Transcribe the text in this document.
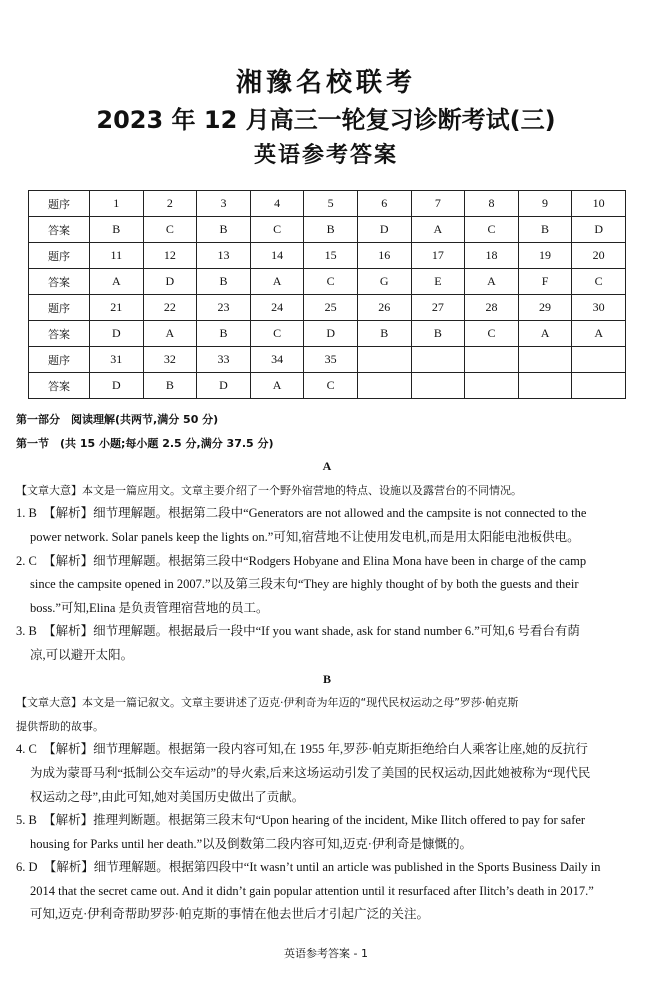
湘豫名校联考
2023 年 12 月高三一轮复习诊断考试(三)
英语参考答案
题序	1	2	3	4	5	6	7	8	9	10
答案	B	C	B	C	B	D	A	C	B	D
题序	11	12	13	14	15	16	17	18	19	20
答案	A	D	B	A	C	G	E	A	F	C
题序	21	22	23	24	25	26	27	28	29	30
答案	D	A	B	C	D	B	B	C	A	A
题序	31	32	33	34	35					
答案	D	B	D	A	C					

第一部分　阅读理解(共两节,满分 50 分)

第一节　(共 15 小题;每小题 2.5 分,满分 37.5 分)

A

【文章大意】本文是一篇应用文。文章主要介绍了一个野外宿营地的特点、设施以及露营台的不同情况。

1. B　【解析】细节理解题。根据第二段中“Generators are not allowed and the campsite is not connected to the

power network. Solar panels keep the lights on.”可知,宿营地不让使用发电机,而是用太阳能电池板供电。

2. C　【解析】细节理解题。根据第三段中“Rodgers Hobyane and Elina Mona have been in charge of the camp

since the campsite opened in 2007.”以及第三段末句“They are highly thought of by both the guests and their

boss.”可知,Elina 是负责管理宿营地的员工。

3. B　【解析】细节理解题。根据最后一段中“If you want shade, ask for stand number 6.”可知,6 号看台有荫

凉,可以避开太阳。

B

【文章大意】本文是一篇记叙文。文章主要讲述了迈克·伊利奇为年迈的“现代民权运动之母”罗莎·帕克斯

提供帮助的故事。

4. C　【解析】细节理解题。根据第一段内容可知,在 1955 年,罗莎·帕克斯拒绝给白人乘客让座,她的反抗行

为成为蒙哥马利“抵制公交车运动”的导火索,后来这场运动引发了美国的民权运动,因此她被称为“现代民

权运动之母”,由此可知,她对美国历史做出了贡献。

5. B　【解析】推理判断题。根据第三段末句“Upon hearing of the incident, Mike Ilitch offered to pay for safer

housing for Parks until her death.”以及倒数第二段内容可知,迈克·伊利奇是慷慨的。

6. D　【解析】细节理解题。根据第四段中“It wasn’t until an article was published in the Sports Business Daily in

2014 that the secret came out. And it didn’t gain popular attention until it resurfaced after Ilitch’s death in 2017.”

可知,迈克·伊利奇帮助罗莎·帕克斯的事情在他去世后才引起广泛的关注。

英语参考答案 - 1
